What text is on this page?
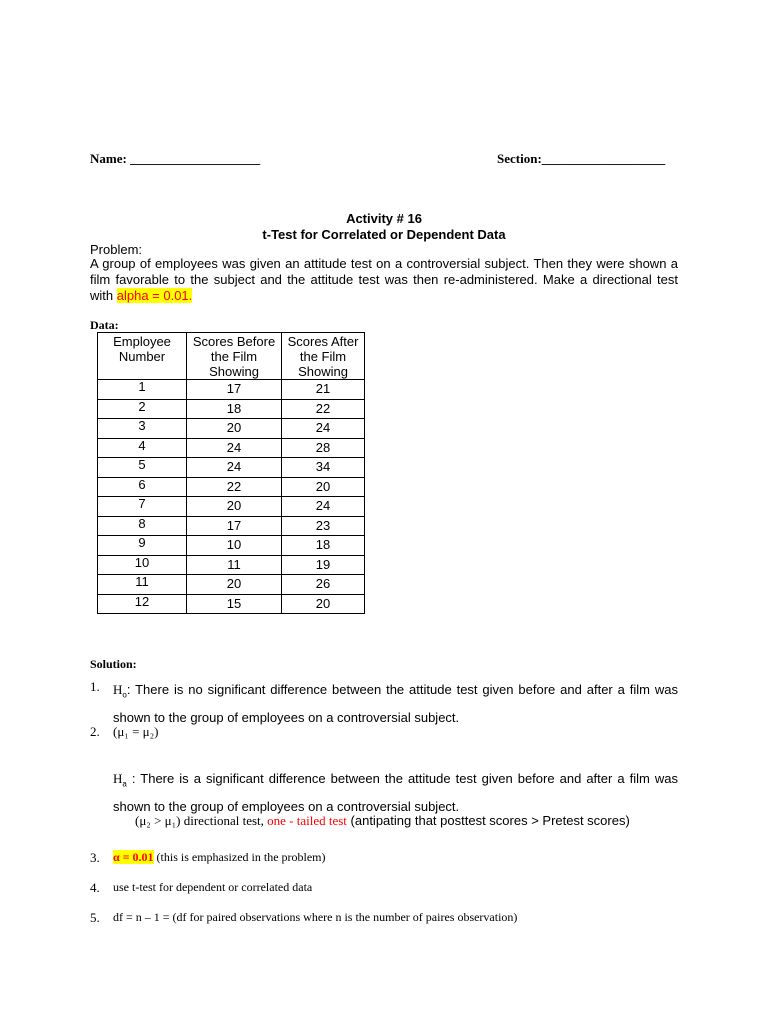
Name: ____________________	Section:___________________
Activity # 16
t-Test for Correlated or Dependent Data
Problem:
A group of employees was given an attitude test on a controversial subject. Then they were shown a film favorable to the subject and the attitude test was then re-administered. Make a directional test with alpha = 0.01.
Data:
Employee Number	Scores Before the Film Showing	Scores After the Film Showing
1	17	21
2	18	22
3	20	24
4	24	28
5	24	34
6	22	20
7	20	24
8	17	23
9	10	18
10	11	19
11	20	26
12	15	20
Solution:
1. $H_o$: There is no significant difference between the attitude test given before and after a film was shown to the group of employees on a controversial subject.
2. (μ₁ = μ₂)
$H_a$ : There is a significant difference between the attitude test given before and after a film was shown to the group of employees on a controversial subject.
(μ₂ > μ₁) directional test, one - tailed test (antipating that posttest scores > Pretest scores)
3. α = 0.01 (this is emphasized in the problem)
4. use t-test for dependent or correlated data
5. df = n – 1 = (df for paired observations where n is the number of paires observation)
